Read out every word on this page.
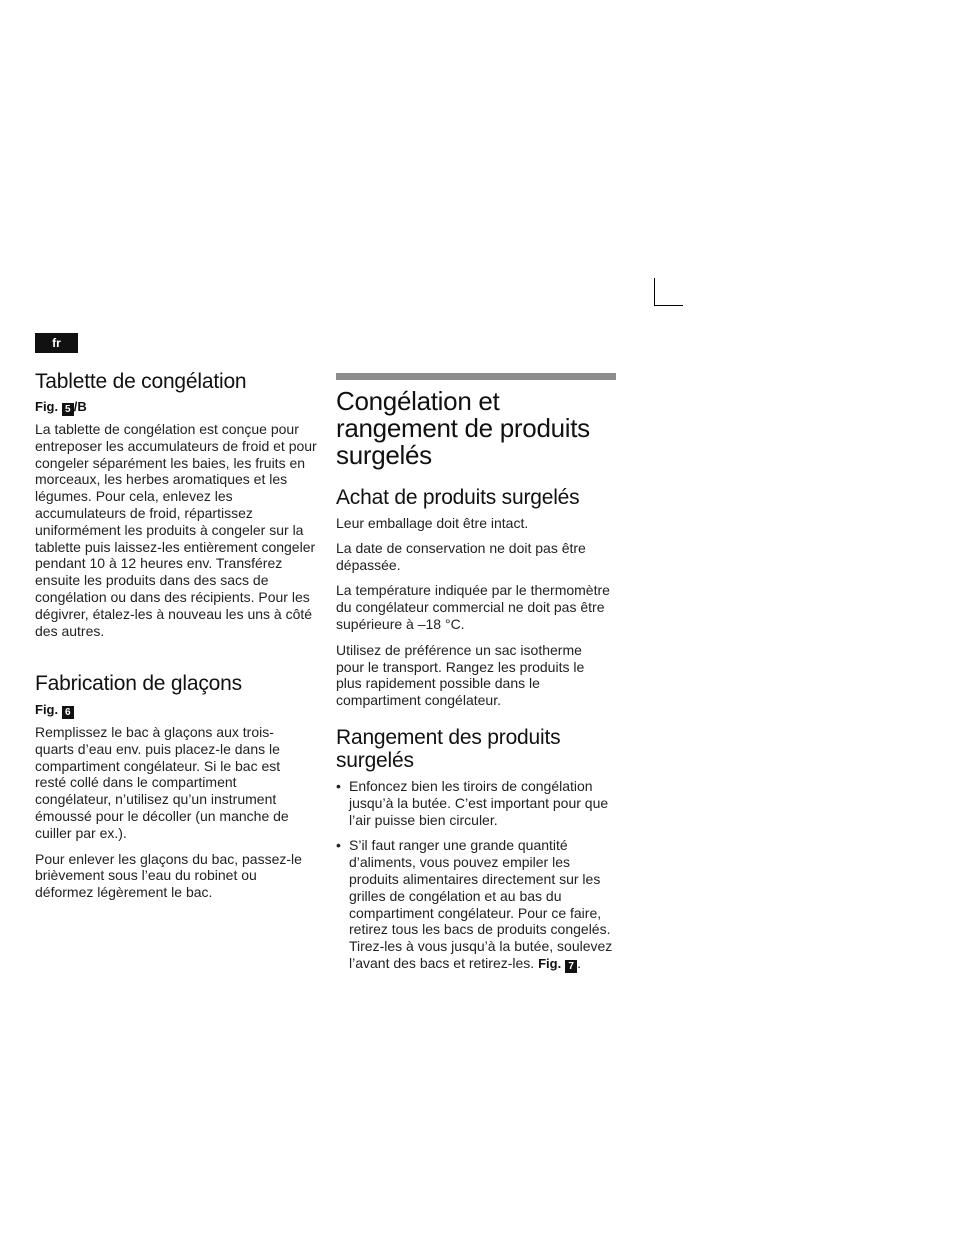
fr
Tablette de congélation
Fig. 5 /B

La tablette de congélation est conçue pour entreposer les accumulateurs de froid et pour congeler séparément les baies, les fruits en morceaux, les herbes aromatiques et les légumes. Pour cela, enlevez les accumulateurs de froid, répartissez uniformément les produits à congeler sur la tablette puis laissez-les entièrement congeler pendant 10 à 12 heures env. Transférez ensuite les produits dans des sacs de congélation ou dans des récipients. Pour les dégivrer, étalez-les à nouveau les uns à côté des autres.

Fabrication de glaçons
Fig. 6

Remplissez le bac à glaçons aux trois-quarts d’eau env. puis placez-le dans le compartiment congélateur. Si le bac est resté collé dans le compartiment congélateur, n’utilisez qu’un instrument émoussé pour le décoller (un manche de cuiller par ex.).

Pour enlever les glaçons du bac, passez-le brièvement sous l’eau du robinet ou déformez légèrement le bac.

Congélation et rangement de produits surgelés
Achat de produits surgelés

Leur emballage doit être intact.

La date de conservation ne doit pas être dépassée.

La température indiquée par le thermomètre du congélateur commercial ne doit pas être supérieure à –18 °C.

Utilisez de préférence un sac isotherme pour le transport. Rangez les produits le plus rapidement possible dans le compartiment congélateur.

Rangement des produits surgelés
• Enfoncez bien les tiroirs de congélation jusqu’à la butée. C’est important pour que l’air puisse bien circuler.
• S’il faut ranger une grande quantité d’aliments, vous pouvez empiler les produits alimentaires directement sur les grilles de congélation et au bas du compartiment congélateur. Pour ce faire, retirez tous les bacs de produits congelés. Tirez-les à vous jusqu’à la butée, soulevez l’avant des bacs et retirez-les. Fig. 7 .
